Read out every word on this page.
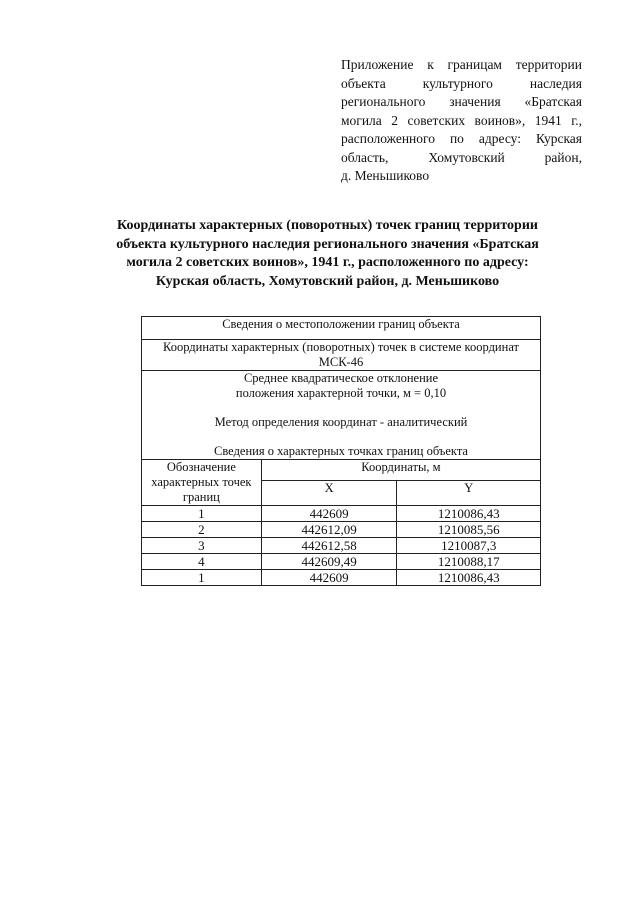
Приложение к границам территории
объекта культурного наследия
регионального значения «Братская
могила 2 советских воинов», 1941 г.,
расположенного по адресу: Курская
область, Хомутовский район,
д. Меньшиково
Координаты характерных (поворотных) точек границ территории
объекта культурного наследия регионального значения «Братская
могила 2 советских воинов», 1941 г., расположенного по адресу:
Курская область, Хомутовский район, д. Меньшиково
Сведения о местоположении границ объекта		

Координаты характерных (поворотных) точек в системе координат
МСК-46		

Среднее квадратическое отклонение

положения характерной точки, м = 0,10

Метод определения координат - аналитический

Сведения о характерных точках границ объекта		

Обозначение характерных точек границ	Координаты, м	
	X	Y
1	442609	1210086,43
2	442612,09	1210085,56
3	442612,58	1210087,3
4	442609,49	1210088,17
1	442609	1210086,43
